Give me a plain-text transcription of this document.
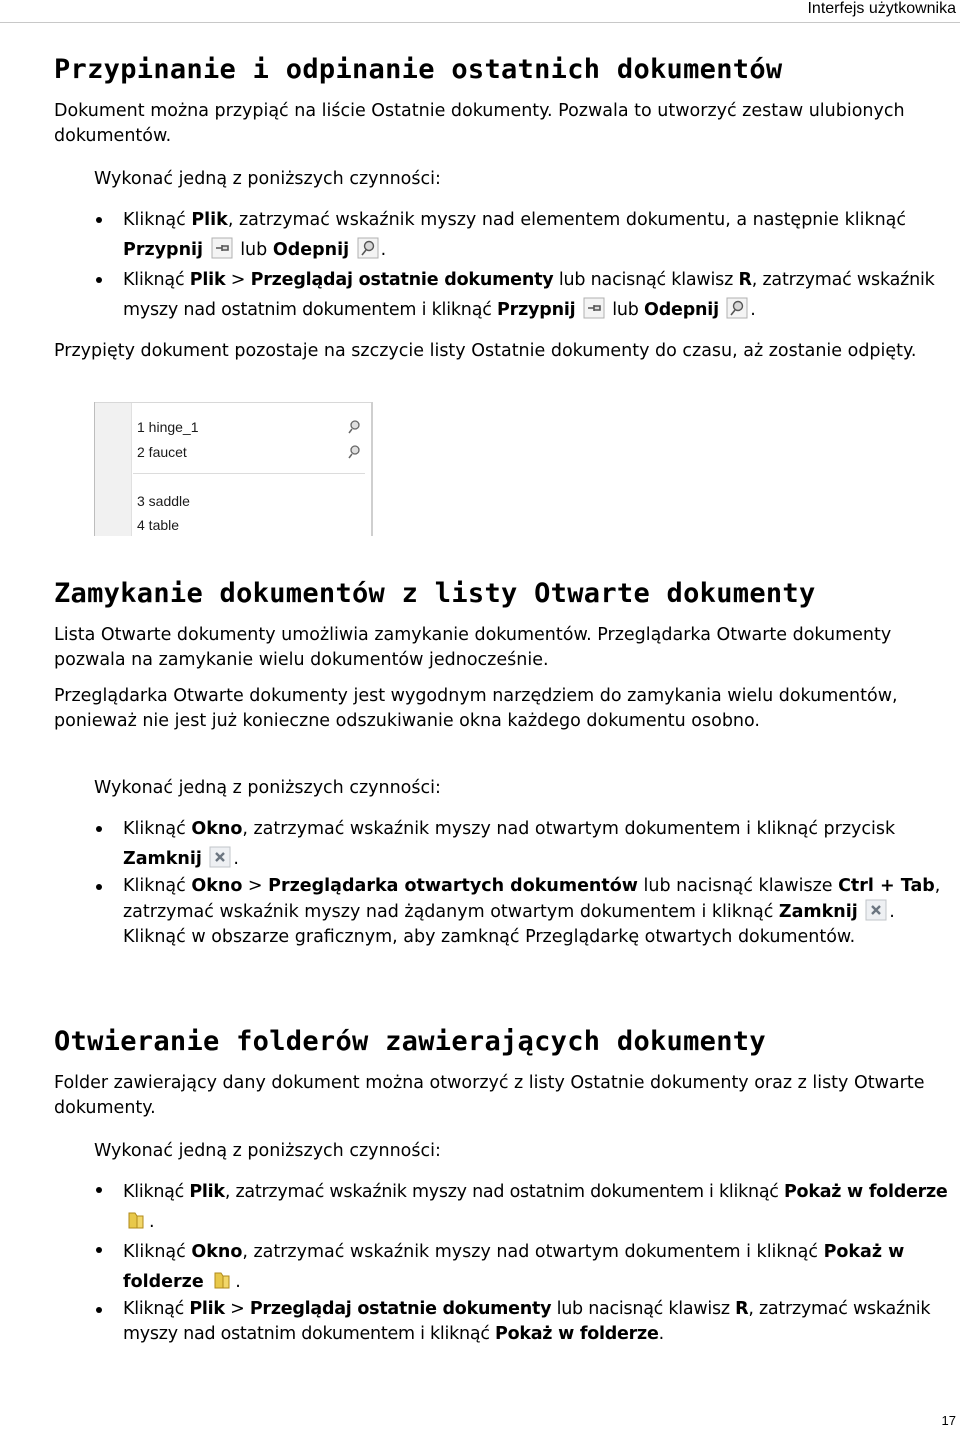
Interfejs użytkownika
Przypinanie i odpinanie ostatnich dokumentów

Dokument można przypiąć na liście Ostatnie dokumenty. Pozwala to utworzyć zestaw ulubionych dokumentów.

Wykonać jedną z poniższych czynności:

Kliknąć Plik, zatrzymać wskaźnik myszy nad elementem dokumentu, a następnie kliknąć Przypnij
lub Odepnij .
Kliknąć Plik > Przeglądaj ostatnie dokumenty lub nacisnąć klawisz R, zatrzymać wskaźnik myszy nad ostatnim dokumentem i kliknąć Przypnij
lub Odepnij .

Przypięty dokument pozostaje na szczycie listy Ostatnie dokumenty do czasu, aż zostanie odpięty.

1 hinge_1
2 faucet
3 saddle
4 table
Zamykanie dokumentów z listy Otwarte dokumenty

Lista Otwarte dokumenty umożliwia zamykanie dokumentów. Przeglądarka Otwarte dokumenty pozwala na zamykanie wielu dokumentów jednocześnie.

Przeglądarka Otwarte dokumenty jest wygodnym narzędziem do zamykania wielu dokumentów, ponieważ nie jest już konieczne odszukiwanie okna każdego dokumentu osobno.

Wykonać jedną z poniższych czynności:

Kliknąć Okno, zatrzymać wskaźnik myszy nad otwartym dokumentem i kliknąć przycisk Zamknij .
Kliknąć Okno > Przeglądarka otwartych dokumentów lub nacisnąć klawisze Ctrl + Tab, zatrzymać wskaźnik myszy nad żądanym otwartym dokumentem i kliknąć Zamknij . Kliknąć w obszarze graficznym, aby zamknąć Przeglądarkę otwartych dokumentów.
Otwieranie folderów zawierających dokumenty

Folder zawierający dany dokument można otworzyć z listy Ostatnie dokumenty oraz z listy Otwarte dokumenty.

Wykonać jedną z poniższych czynności:

Kliknąć Plik, zatrzymać wskaźnik myszy nad ostatnim dokumentem i kliknąć Pokaż w folderze
.
Kliknąć Okno, zatrzymać wskaźnik myszy nad otwartym dokumentem i kliknąć Pokaż w folderze .
Kliknąć Plik > Przeglądaj ostatnie dokumenty lub nacisnąć klawisz R, zatrzymać wskaźnik myszy nad ostatnim dokumentem i kliknąć Pokaż w folderze.
17
